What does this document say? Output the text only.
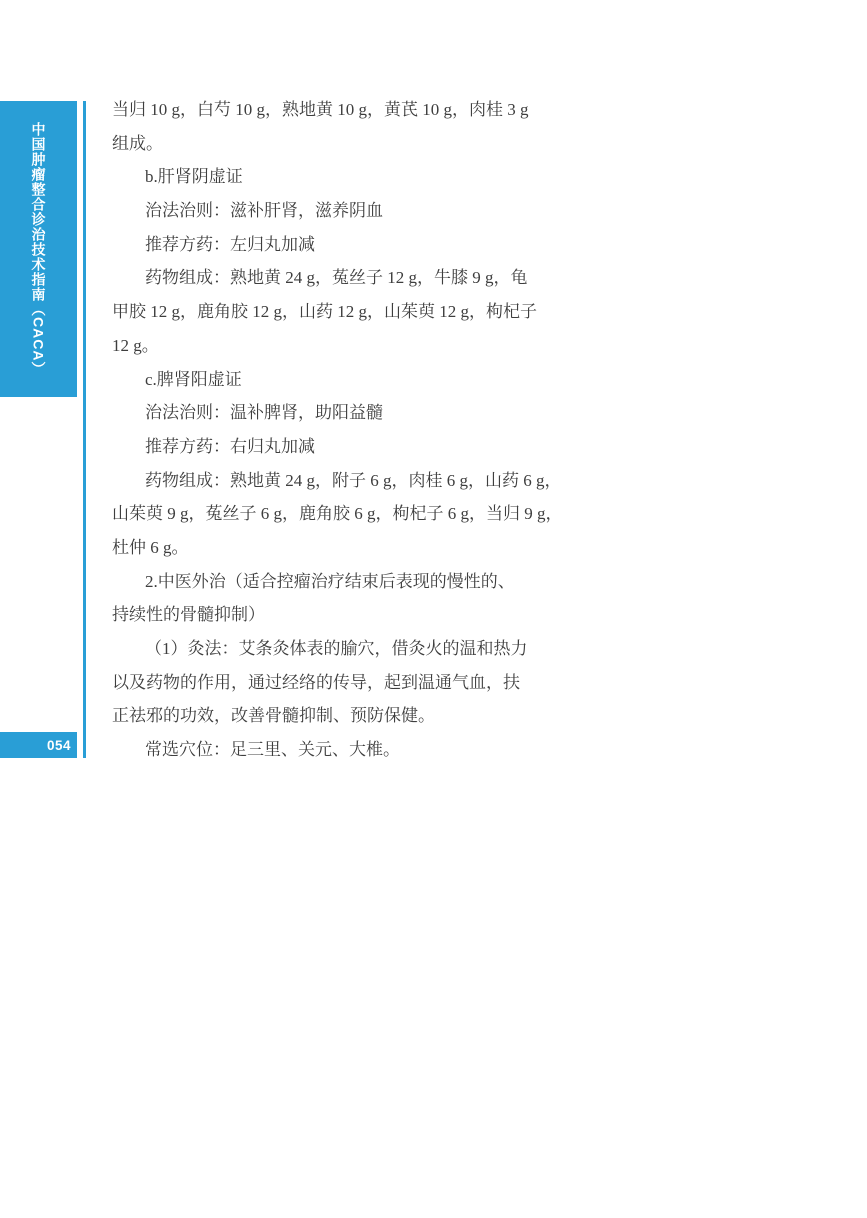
中国肿瘤整合诊治技术指南（CACA）
054

当 归
1 0
g ， 白 芍
1 0
g ， 熟 地 黄
1 0
g ， 黄 芪
1 0
g ， 肉 桂
3
g

组成。

b.肝肾阴虚证

治法治则：滋补肝肾，滋养阴血

推荐方药：左归丸加减

药 物 组 成 ： 熟 地 黄
2 4
g ， 菟 丝 子
1 2
g ， 牛 膝
9
g ， 龟

甲 胶
1 2
g ， 鹿 角 胶
1 2
g ， 山 药
1 2
g ， 山 茱 萸
1 2
g ， 枸 杞 子

12 g。

c.脾肾阳虚证

治法治则：温补脾肾，助阳益髓

推荐方药：右归丸加减

药 物 组 成 ： 熟 地 黄
2 4
g ， 附 子
6
g ， 肉 桂
6
g ， 山 药
6
g ，

山 茱 萸
9
g ， 菟 丝 子
6
g ， 鹿 角 胶
6
g ， 枸 杞 子
6
g ， 当 归
9
g ，

杜仲 6 g。

2 . 中 医 外 治 （ 适 合 控 瘤 治 疗 结 束 后 表 现 的 慢 性 的 、

持续性的骨髓抑制）

（ 1 ） 灸 法 ： 艾 条 灸 体 表 的 腧 穴 ， 借 灸 火 的 温 和 热 力

以 及 药 物 的 作 用 ， 通 过 经 络 的 传 导 ， 起 到 温 通 气 血 ， 扶

正祛邪的功效，改善骨髓抑制、预防保健。

常选穴位：足三里、关元、大椎。
